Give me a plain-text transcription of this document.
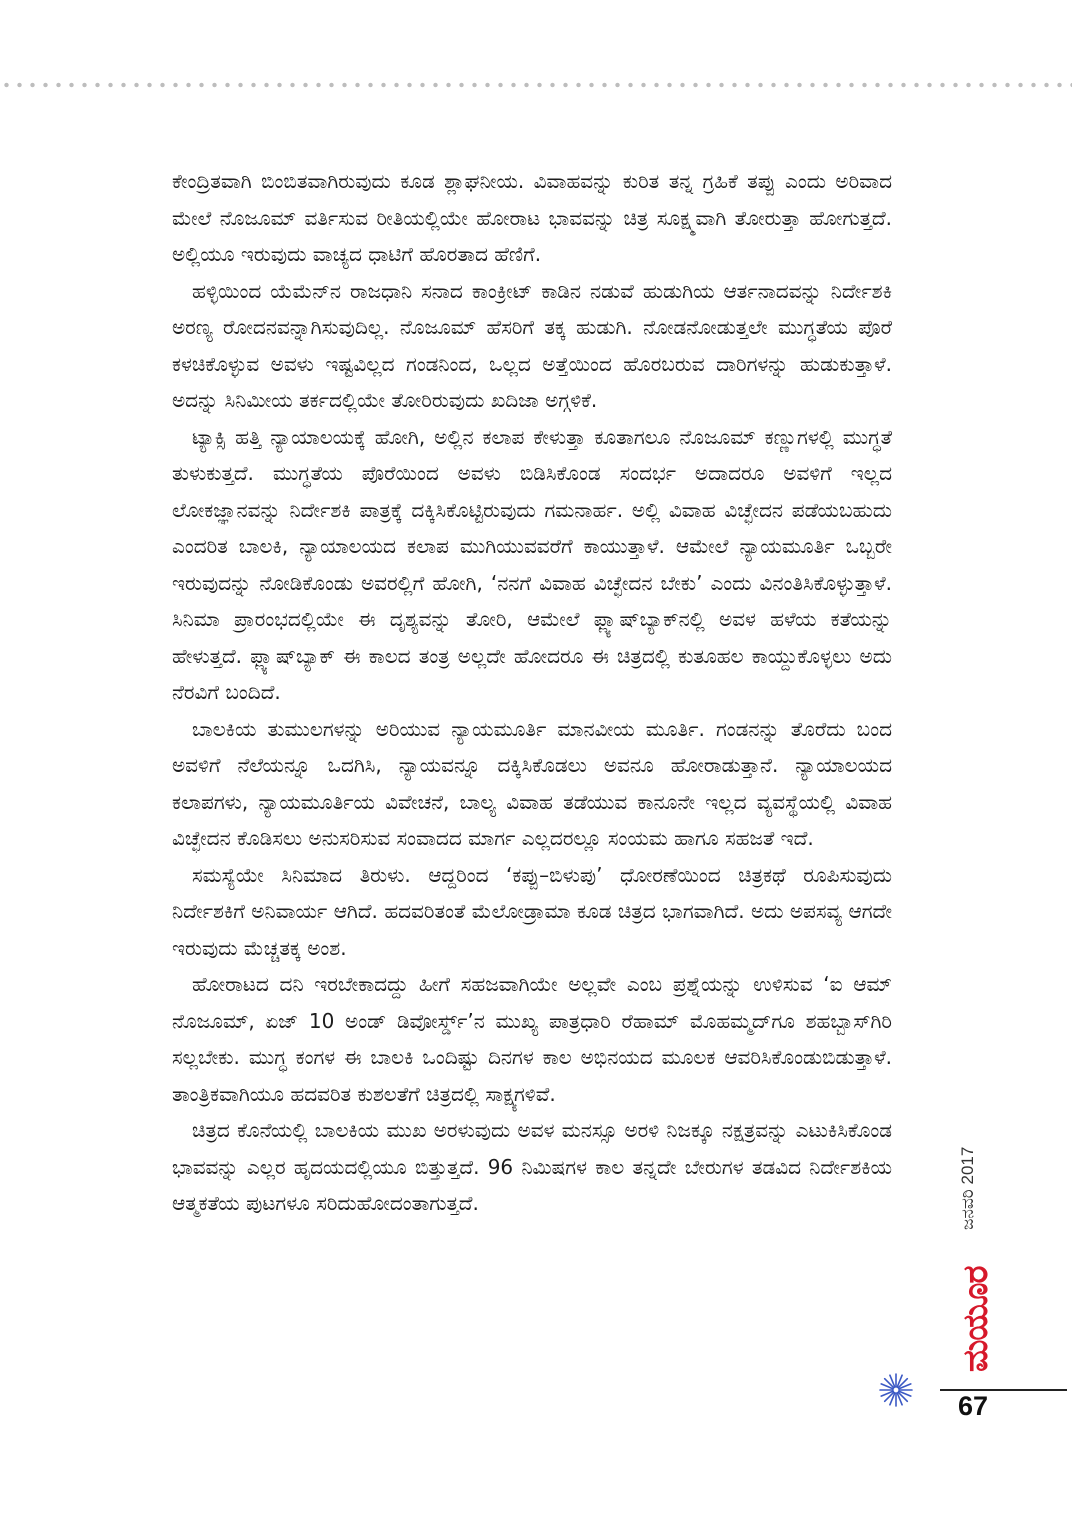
ಕೇಂದ್ರಿತವಾಗಿ ಬಿಂಬಿತವಾಗಿರುವುದು ಕೂಡ ಶ್ಲಾಘನೀಯ. ವಿವಾಹವನ್ನು ಕುರಿತ ತನ್ನ ಗ್ರಹಿಕೆ ತಪ್ಪು ಎಂದು ಅರಿವಾದ ಮೇಲೆ ನೊಜೂಮ್ ವರ್ತಿಸುವ ರೀತಿಯಲ್ಲಿಯೇ ಹೋರಾಟ ಭಾವವನ್ನು ಚಿತ್ರ ಸೂಕ್ಷ್ಮವಾಗಿ ತೋರುತ್ತಾ ಹೋಗುತ್ತದೆ. ಅಲ್ಲಿಯೂ ಇರುವುದು ವಾಚ್ಯದ ಧಾಟಿಗೆ ಹೊರತಾದ ಹೆಣಿಗೆ.

ಹಳ್ಳಿಯಿಂದ ಯೆಮೆನ್‌ನ ರಾಜಧಾನಿ ಸನಾದ ಕಾಂಕ್ರೀಟ್ ಕಾಡಿನ ನಡುವೆ ಹುಡುಗಿಯ ಆರ್ತನಾದವನ್ನು ನಿರ್ದೇಶಕಿ ಅರಣ್ಯ ರೋದನವನ್ನಾಗಿಸುವುದಿಲ್ಲ. ನೊಜೂಮ್ ಹೆಸರಿಗೆ ತಕ್ಕ ಹುಡುಗಿ. ನೋಡನೋಡುತ್ತಲೇ ಮುಗ್ಧತೆಯ ಪೊರೆ ಕಳಚಿಕೊಳ್ಳುವ ಅವಳು ಇಷ್ಟವಿಲ್ಲದ ಗಂಡನಿಂದ, ಒಲ್ಲದ ಅತ್ತೆಯಿಂದ ಹೊರಬರುವ ದಾರಿಗಳನ್ನು ಹುಡುಕುತ್ತಾಳೆ. ಅದನ್ನು ಸಿನಿಮೀಯ ತರ್ಕದಲ್ಲಿಯೇ ತೋರಿರುವುದು ಖದಿಜಾ ಅಗ್ಗಳಿಕೆ.

ಟ್ಯಾಕ್ಸಿ ಹತ್ತಿ ನ್ಯಾಯಾಲಯಕ್ಕೆ ಹೋಗಿ, ಅಲ್ಲಿನ ಕಲಾಪ ಕೇಳುತ್ತಾ ಕೂತಾಗಲೂ ನೊಜೂಮ್ ಕಣ್ಣುಗಳಲ್ಲಿ ಮುಗ್ಧತೆ ತುಳುಕುತ್ತದೆ. ಮುಗ್ಧತೆಯ ಪೊರೆಯಿಂದ ಅವಳು ಬಿಡಿಸಿಕೊಂಡ ಸಂದರ್ಭ ಅದಾದರೂ ಅವಳಿಗೆ ಇಲ್ಲದ ಲೋಕಜ್ಞಾನವನ್ನು ನಿರ್ದೇಶಕಿ ಪಾತ್ರಕ್ಕೆ ದಕ್ಕಿಸಿಕೊಟ್ಟಿರುವುದು ಗಮನಾರ್ಹ. ಅಲ್ಲಿ ವಿವಾಹ ವಿಚ್ಛೇದನ ಪಡೆಯಬಹುದು ಎಂದರಿತ ಬಾಲಕಿ, ನ್ಯಾಯಾಲಯದ ಕಲಾಪ ಮುಗಿಯುವವರೆಗೆ ಕಾಯುತ್ತಾಳೆ. ಆಮೇಲೆ ನ್ಯಾಯಮೂರ್ತಿ ಒಬ್ಬರೇ ಇರುವುದನ್ನು ನೋಡಿಕೊಂಡು ಅವರಲ್ಲಿಗೆ ಹೋಗಿ, ‘ನನಗೆ ವಿವಾಹ ವಿಚ್ಛೇದನ ಬೇಕು’ ಎಂದು ವಿನಂತಿಸಿಕೊಳ್ಳುತ್ತಾಳೆ. ಸಿನಿಮಾ ಪ್ರಾರಂಭದಲ್ಲಿಯೇ ಈ ದೃಶ್ಯವನ್ನು ತೋರಿ, ಆಮೇಲೆ ಫ್ಲ್ಯಾಷ್‌ಬ್ಯಾಕ್‌ನಲ್ಲಿ ಅವಳ ಹಳೆಯ ಕತೆಯನ್ನು ಹೇಳುತ್ತದೆ. ಫ್ಲ್ಯಾಷ್‌ಬ್ಯಾಕ್ ಈ ಕಾಲದ ತಂತ್ರ ಅಲ್ಲದೇ ಹೋದರೂ ಈ ಚಿತ್ರದಲ್ಲಿ ಕುತೂಹಲ ಕಾಯ್ದುಕೊಳ್ಳಲು ಅದು ನೆರವಿಗೆ ಬಂದಿದೆ.

ಬಾಲಕಿಯ ತುಮುಲಗಳನ್ನು ಅರಿಯುವ ನ್ಯಾಯಮೂರ್ತಿ ಮಾನವೀಯ ಮೂರ್ತಿ. ಗಂಡನನ್ನು ತೊರೆದು ಬಂದ ಅವಳಿಗೆ ನೆಲೆಯನ್ನೂ ಒದಗಿಸಿ, ನ್ಯಾಯವನ್ನೂ ದಕ್ಕಿಸಿಕೊಡಲು ಅವನೂ ಹೋರಾಡುತ್ತಾನೆ. ನ್ಯಾಯಾಲಯದ ಕಲಾಪಗಳು, ನ್ಯಾಯಮೂರ್ತಿಯ ವಿವೇಚನೆ, ಬಾಲ್ಯ ವಿವಾಹ ತಡೆಯುವ ಕಾನೂನೇ ಇಲ್ಲದ ವ್ಯವಸ್ಥೆಯಲ್ಲಿ ವಿವಾಹ ವಿಚ್ಛೇದನ ಕೊಡಿಸಲು ಅನುಸರಿಸುವ ಸಂವಾದದ ಮಾರ್ಗ ಎಲ್ಲದರಲ್ಲೂ ಸಂಯಮ ಹಾಗೂ ಸಹಜತೆ ಇದೆ.

ಸಮಸ್ಯೆಯೇ ಸಿನಿಮಾದ ತಿರುಳು. ಆದ್ದರಿಂದ ‘ಕಪ್ಪು–ಬಿಳುಪು’ ಧೋರಣೆಯಿಂದ ಚಿತ್ರಕಥೆ ರೂಪಿಸುವುದು ನಿರ್ದೇಶಕಿಗೆ ಅನಿವಾರ್ಯ ಆಗಿದೆ. ಹದವರಿತಂತೆ ಮೆಲೋಡ್ರಾಮಾ ಕೂಡ ಚಿತ್ರದ ಭಾಗವಾಗಿದೆ. ಅದು ಅಪಸವ್ಯ ಆಗದೇ ಇರುವುದು ಮೆಚ್ಚತಕ್ಕ ಅಂಶ.

ಹೋರಾಟದ ದನಿ ಇರಬೇಕಾದದ್ದು ಹೀಗೆ ಸಹಜವಾಗಿಯೇ ಅಲ್ಲವೇ ಎಂಬ ಪ್ರಶ್ನೆಯನ್ನು ಉಳಿಸುವ ‘ಐ ಆಮ್ ನೊಜೂಮ್, ಏಜ್ 10 ಅಂಡ್ ಡಿವೋರ್ಸ್ಡ್’ನ ಮುಖ್ಯ ಪಾತ್ರಧಾರಿ ರೆಹಾಮ್ ಮೊಹಮ್ಮದ್‌ಗೂ ಶಹಬ್ಬಾಸ್‌ಗಿರಿ ಸಲ್ಲಬೇಕು. ಮುಗ್ಧ ಕಂಗಳ ಈ ಬಾಲಕಿ ಒಂದಿಷ್ಟು ದಿನಗಳ ಕಾಲ ಅಭಿನಯದ ಮೂಲಕ ಆವರಿಸಿಕೊಂಡುಬಿಡುತ್ತಾಳೆ. ತಾಂತ್ರಿಕವಾಗಿಯೂ ಹದವರಿತ ಕುಶಲತೆಗೆ ಚಿತ್ರದಲ್ಲಿ ಸಾಕ್ಷ್ಯಗಳಿವೆ.

ಚಿತ್ರದ ಕೊನೆಯಲ್ಲಿ ಬಾಲಕಿಯ ಮುಖ ಅರಳುವುದು ಅವಳ ಮನಸ್ಸೂ ಅರಳಿ ನಿಜಕ್ಕೂ ನಕ್ಷತ್ರವನ್ನು ಎಟುಕಿಸಿಕೊಂಡ ಭಾವವನ್ನು ಎಲ್ಲರ ಹೃದಯದಲ್ಲಿಯೂ ಬಿತ್ತುತ್ತದೆ. 96 ನಿಮಿಷಗಳ ಕಾಲ ತನ್ನದೇ ಬೇರುಗಳ ತಡವಿದ ನಿರ್ದೇಶಕಿಯ ಆತ್ಮಕತೆಯ ಪುಟಗಳೂ ಸರಿದುಹೋದಂತಾಗುತ್ತದೆ.	ಜನವರಿ 2017
ಮಯೂರ
67
